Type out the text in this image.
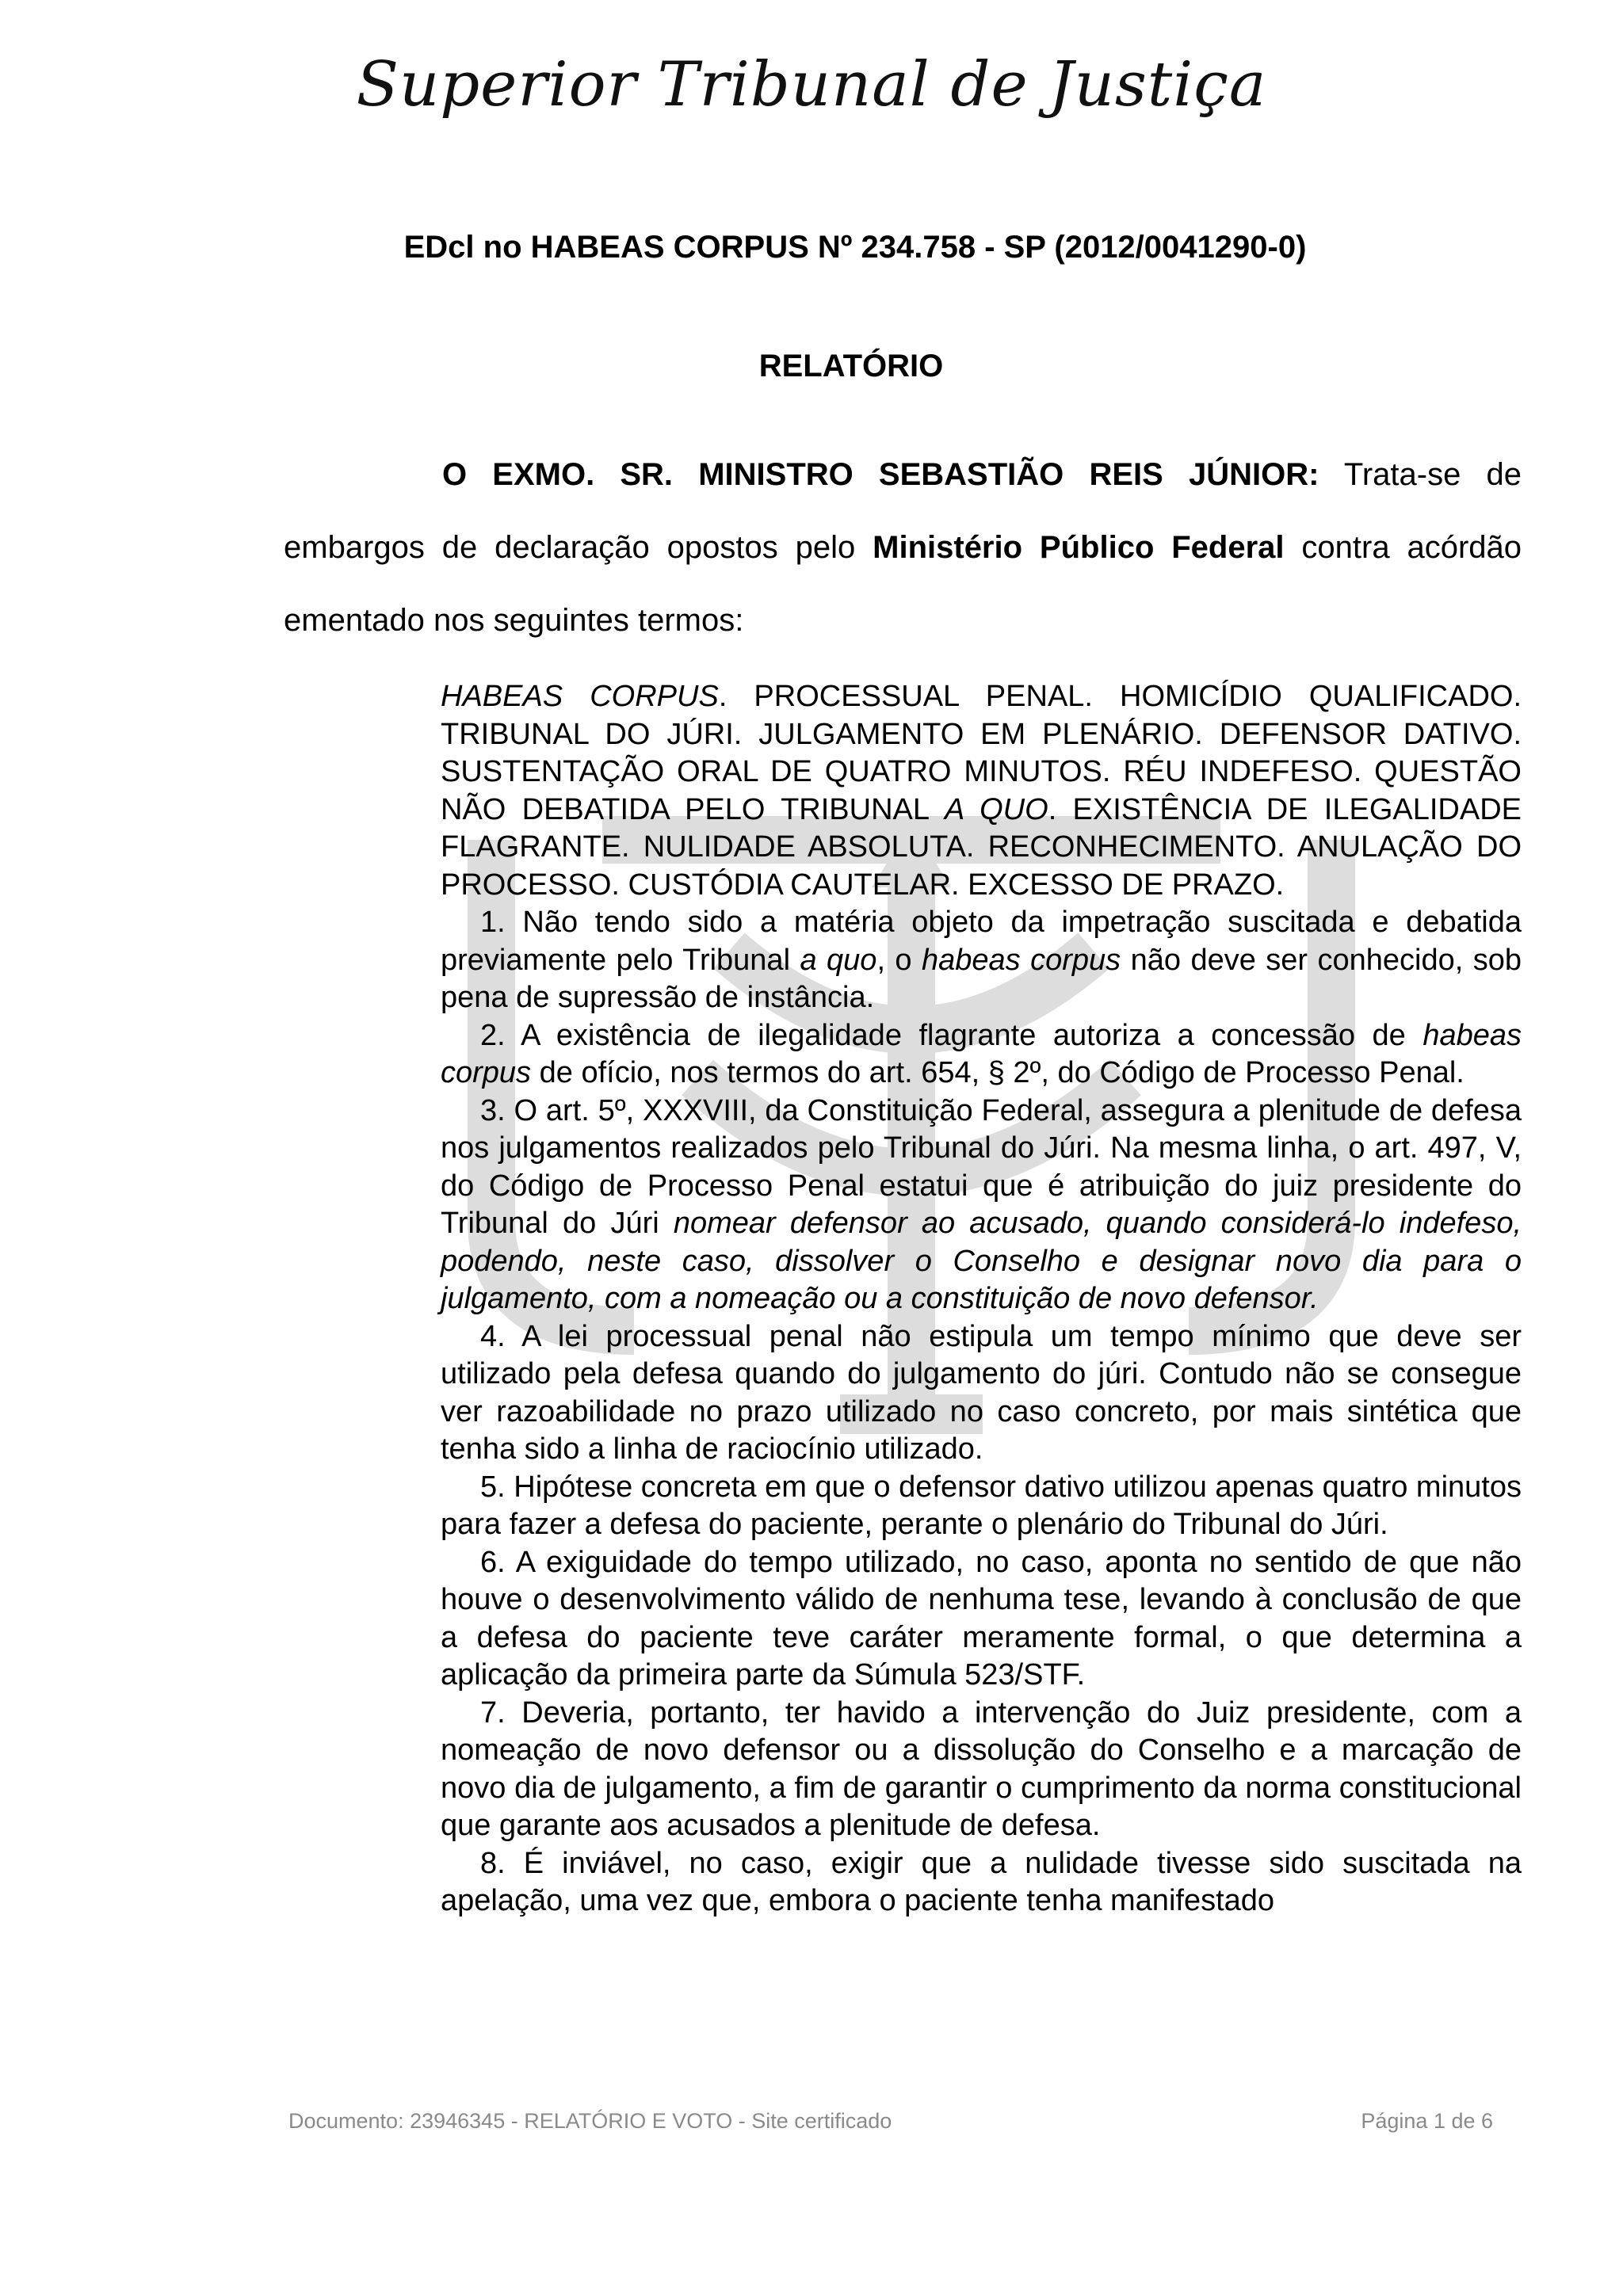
Superior Tribunal de Justiça
EDcl no HABEAS CORPUS Nº 234.758 - SP (2012/0041290-0)
RELATÓRIO
O EXMO. SR. MINISTRO SEBASTIÃO REIS JÚNIOR: Trata-se de embargos de declaração opostos pelo Ministério Público Federal contra acórdão ementado nos seguintes termos:

HABEAS CORPUS. PROCESSUAL PENAL. HOMICÍDIO QUALIFICADO. TRIBUNAL DO JÚRI. JULGAMENTO EM PLENÁRIO. DEFENSOR DATIVO. SUSTENTAÇÃO ORAL DE QUATRO MINUTOS. RÉU INDEFESO. QUESTÃO NÃO DEBATIDA PELO TRIBUNAL A QUO. EXISTÊNCIA DE ILEGALIDADE FLAGRANTE. NULIDADE ABSOLUTA. RECONHECIMENTO. ANULAÇÃO DO PROCESSO. CUSTÓDIA CAUTELAR. EXCESSO DE PRAZO.

1. Não tendo sido a matéria objeto da impetração suscitada e debatida previamente pelo Tribunal a quo, o habeas corpus não deve ser conhecido, sob pena de supressão de instância.

2. A existência de ilegalidade flagrante autoriza a concessão de habeas corpus de ofício, nos termos do art. 654, § 2º, do Código de Processo Penal.

3. O art. 5º, XXXVIII, da Constituição Federal, assegura a plenitude de defesa nos julgamentos realizados pelo Tribunal do Júri. Na mesma linha, o art. 497, V, do Código de Processo Penal estatui que é atribuição do juiz presidente do Tribunal do Júri nomear defensor ao acusado, quando considerá-lo indefeso, podendo, neste caso, dissolver o Conselho e designar novo dia para o julgamento, com a nomeação ou a constituição de novo defensor.

4. A lei processual penal não estipula um tempo mínimo que deve ser utilizado pela defesa quando do julgamento do júri. Contudo não se consegue ver razoabilidade no prazo utilizado no caso concreto, por mais sintética que tenha sido a linha de raciocínio utilizado.

5. Hipótese concreta em que o defensor dativo utilizou apenas quatro minutos para fazer a defesa do paciente, perante o plenário do Tribunal do Júri.

6. A exiguidade do tempo utilizado, no caso, aponta no sentido de que não houve o desenvolvimento válido de nenhuma tese, levando à conclusão de que a defesa do paciente teve caráter meramente formal, o que determina a aplicação da primeira parte da Súmula 523/STF.

7. Deveria, portanto, ter havido a intervenção do Juiz presidente, com a nomeação de novo defensor ou a dissolução do Conselho e a marcação de novo dia de julgamento, a fim de garantir o cumprimento da norma constitucional que garante aos acusados a plenitude de defesa.

8. É inviável, no caso, exigir que a nulidade tivesse sido suscitada na apelação, uma vez que, embora o paciente tenha manifestado

Documento: 23946345 - RELATÓRIO E VOTO - Site certificado	Página 1 de 6
